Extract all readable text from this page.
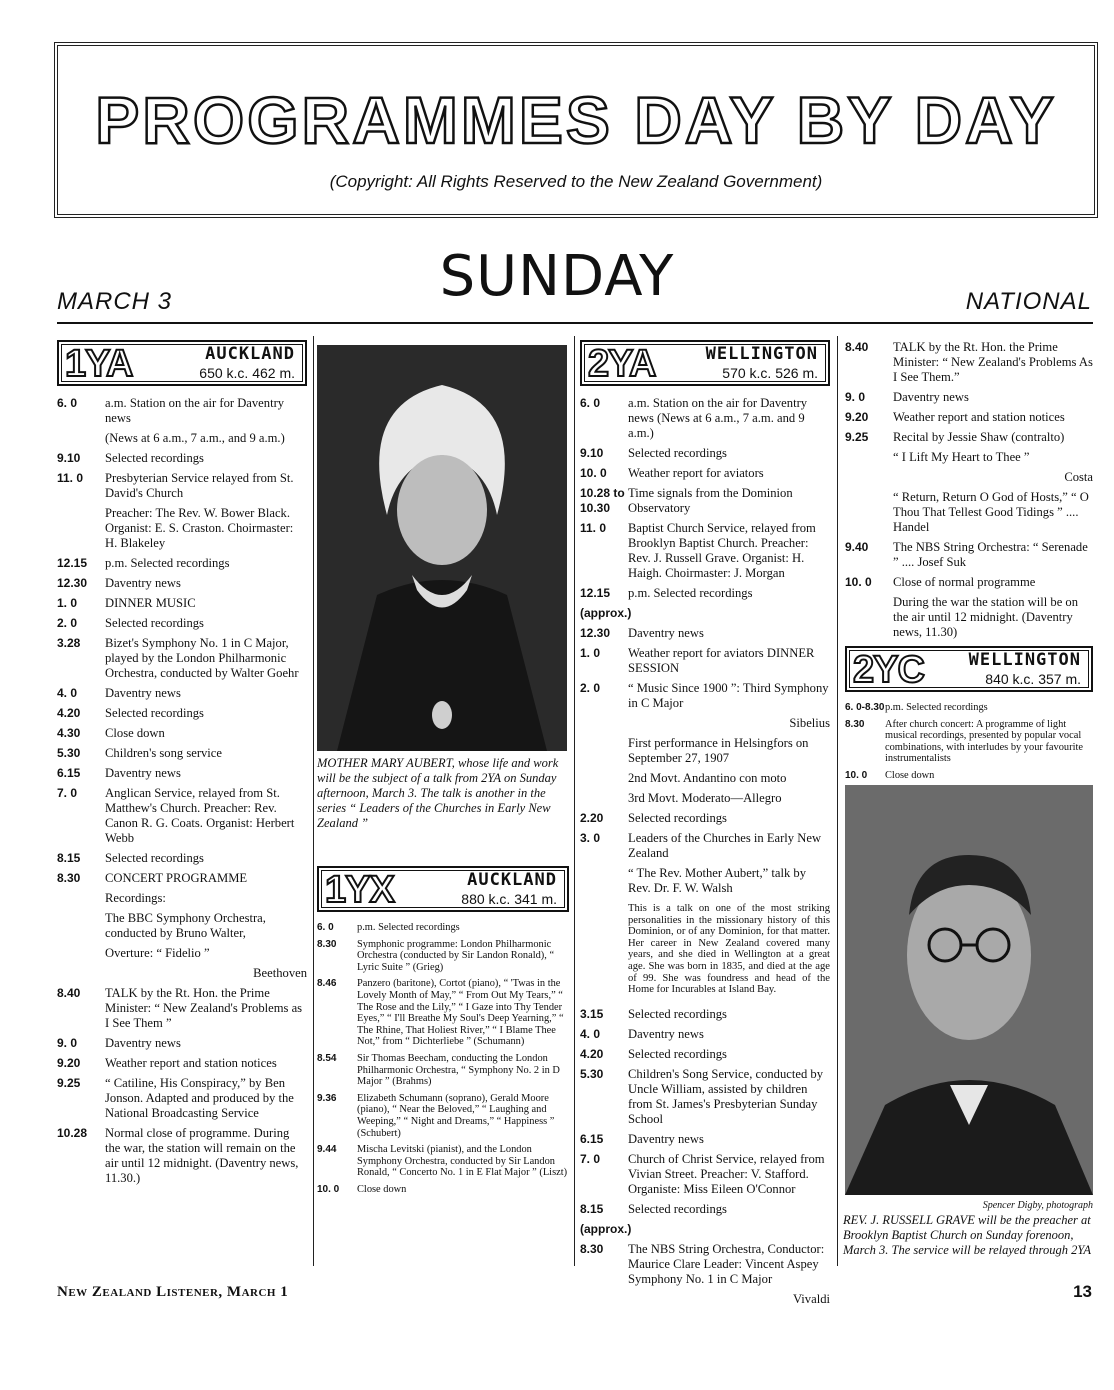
PROGRAMMES DAY BY DAY
(Copyright: All Rights Reserved to the New Zealand Government)
MARCH 3	SUNDAY	NATIONAL
1YA	AUCKLAND
650 k.c. 462 m.
6. 0	a.m. Station on the air for Daventry news
(News at 6 a.m., 7 a.m., and 9 a.m.)
9.10	Selected recordings
11. 0	Presbyterian Service relayed from St. David's Church
Preacher: The Rev. W. Bower Black. Organist: E. S. Craston. Choirmaster: H. Blakeley
12.15	p.m. Selected recordings
12.30	Daventry news
1. 0	DINNER MUSIC
2. 0	Selected recordings
3.28	Bizet's Symphony No. 1 in C Major, played by the London Philharmonic Orchestra, conducted by Walter Goehr
4. 0	Daventry news
4.20	Selected recordings
4.30	Close down
5.30	Children's song service
6.15	Daventry news
7. 0	Anglican Service, relayed from St. Matthew's Church. Preacher: Rev. Canon R. G. Coats. Organist: Herbert Webb
8.15	Selected recordings
8.30	CONCERT PROGRAMME
Recordings:
The BBC Symphony Orchestra, conducted by Bruno Walter,
Overture: “ Fidelio ”
Beethoven
8.40	TALK by the Rt. Hon. the Prime Minister: “ New Zealand's Problems as I See Them ”
9. 0	Daventry news
9.20	Weather report and station notices
9.25	“ Catiline, His Conspiracy,” by Ben Jonson. Adapted and produced by the National Broadcasting Service
10.28	Normal close of programme. During the war, the station will remain on the air until 12 midnight. (Daventry news, 11.30.)
MOTHER MARY AUBERT, whose life and work will be the subject of a talk from 2YA on Sunday afternoon, March 3. The talk is another in the series “ Leaders of the Churches in Early New Zealand ”
1YX	AUCKLAND
880 k.c. 341 m.
6. 0	p.m. Selected recordings
8.30	Symphonic programme: London Philharmonic Orchestra (conducted by Sir Landon Ronald), “ Lyric Suite ” (Grieg)
8.46	Panzero (baritone), Cortot (piano), “ 'Twas in the Lovely Month of May,” “ From Out My Tears,” “ The Rose and the Lily,” “ I Gaze into Thy Tender Eyes,” “ I'll Breathe My Soul's Deep Yearning,” “ The Rhine, That Holiest River,” “ I Blame Thee Not,” from “ Dichterliebe ” (Schumann)
8.54	Sir Thomas Beecham, conducting the London Philharmonic Orchestra, “ Symphony No. 2 in D Major ” (Brahms)
9.36	Elizabeth Schumann (soprano), Gerald Moore (piano), “ Near the Beloved,” “ Laughing and Weeping,” “ Night and Dreams,” “ Happiness ” (Schubert)
9.44	Mischa Levitski (pianist), and the London Symphony Orchestra, conducted by Sir Landon Ronald, “ Concerto No. 1 in E Flat Major ” (Liszt)
10. 0	Close down
2YA	WELLINGTON
570 k.c. 526 m.
6. 0	a.m. Station on the air for Daventry news (News at 6 a.m., 7 a.m. and 9 a.m.)
9.10	Selected recordings
10. 0	Weather report for aviators
10.28 to 10.30
Time signals from the Dominion Observatory
11. 0	Baptist Church Service, relayed from Brooklyn Baptist Church. Preacher: Rev. J. Russell Grave. Organist: H. Haigh. Choirmaster: J. Morgan
12.15	p.m. Selected recordings
(approx.)
12.30	Daventry news
1. 0	Weather report for aviators DINNER SESSION
2. 0	“ Music Since 1900 ”: Third Symphony in C Major
Sibelius
First performance in Helsingfors on September 27, 1907
2nd Movt. Andantino con moto
3rd Movt. Moderato—Allegro
2.20	Selected recordings
3. 0	Leaders of the Churches in Early New Zealand
“ The Rev. Mother Aubert,” talk by Rev. Dr. F. W. Walsh
This is a talk on one of the most striking personalities in the missionary history of this Dominion, or of any Dominion, for that matter. Her career in New Zealand covered many years, and she died in Wellington at a great age. She was born in 1835, and died at the age of 99. She was foundress and head of the Home for Incurables at Island Bay.
3.15	Selected recordings
4. 0	Daventry news
4.20	Selected recordings
5.30	Children's Song Service, conducted by Uncle William, assisted by children from St. James's Presbyterian Sunday School
6.15	Daventry news
7. 0	Church of Christ Service, relayed from Vivian Street. Preacher: V. Stafford. Organiste: Miss Eileen O'Connor
8.15	Selected recordings
(approx.)
8.30	The NBS String Orchestra, Conductor: Maurice Clare Leader: Vincent Aspey Symphony No. 1 in C Major
Vivaldi
8.40	TALK by the Rt. Hon. the Prime Minister: “ New Zealand's Problems As I See Them.”
9. 0	Daventry news
9.20	Weather report and station notices
9.25	Recital by Jessie Shaw (contralto)
“ I Lift My Heart to Thee ”
Costa
“ Return, Return O God of Hosts,” “ O Thou That Tellest Good Tidings ” .... Handel
9.40	The NBS String Orchestra: “ Serenade ” .... Josef Suk
10. 0	Close of normal programme
During the war the station will be on the air until 12 midnight. (Daventry news, 11.30)
2YC	WELLINGTON
840 k.c. 357 m.
6. 0-8.30 p.m. Selected recordings
8.30	After church concert: A programme of light musical recordings, presented by popular vocal combinations, with interludes by your favourite instrumentalists
10. 0	Close down
Spencer Digby, photograph
REV. J. RUSSELL GRAVE will be the preacher at Brooklyn Baptist Church on Sunday forenoon, March 3. The service will be relayed through 2YA
New Zealand Listener, March 1	13
